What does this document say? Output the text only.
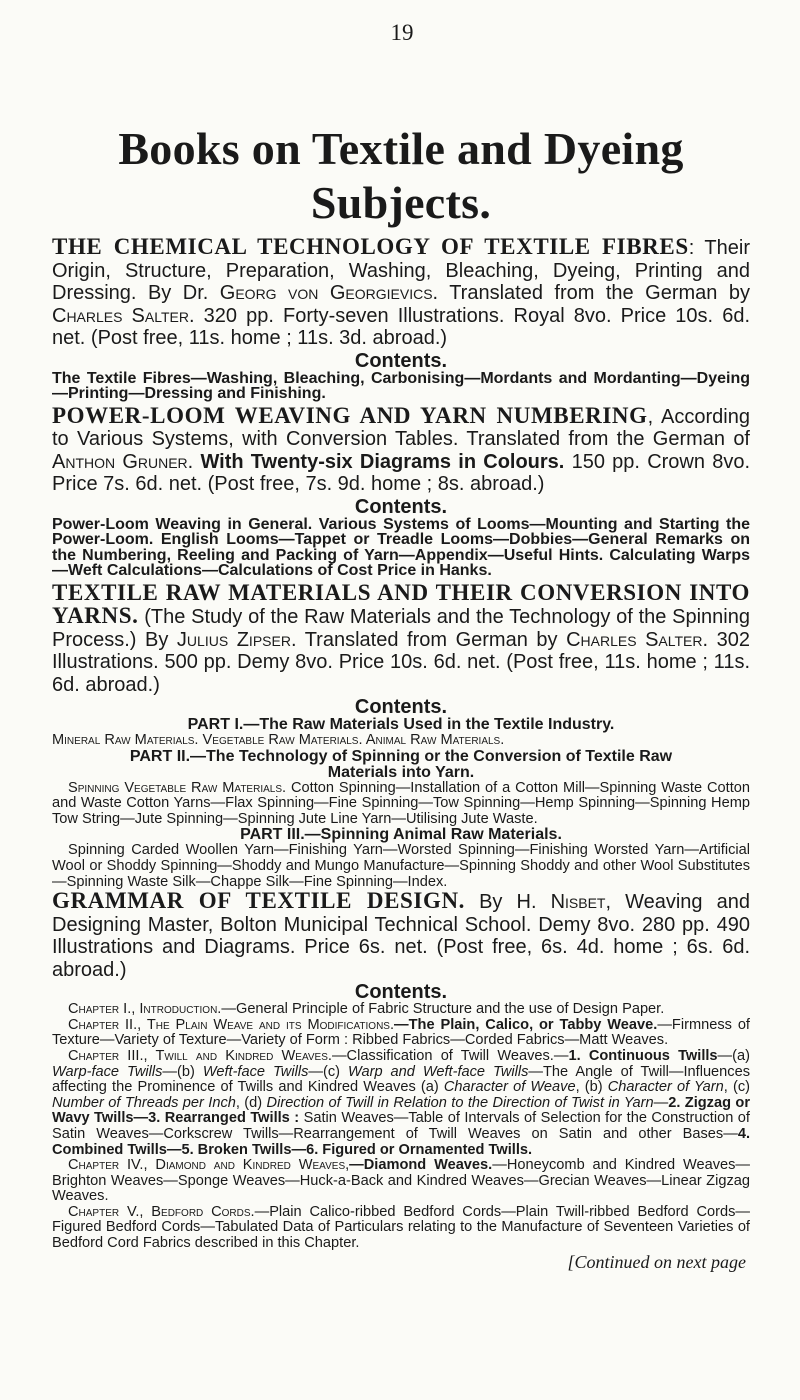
19
Books on Textile and Dyeing
Subjects.

THE CHEMICAL TECHNOLOGY OF TEXTILE FIBRES: Their Origin, Structure, Preparation, Washing, Bleaching, Dyeing, Printing and Dressing. By Dr. Georg von Georgievics. Translated from the German by Charles Salter. 320 pp. Forty-seven Illustrations. Royal 8vo. Price 10s. 6d. net. (Post free, 11s. home ; 11s. 3d. abroad.)

Contents.

The Textile Fibres—Washing, Bleaching, Carbonising—Mordants and Mordanting—Dyeing—Printing—Dressing and Finishing.

POWER-LOOM WEAVING AND YARN NUMBERING, According to Various Systems, with Conversion Tables. Translated from the German of Anthon Gruner. With Twenty-six Diagrams in Colours. 150 pp. Crown 8vo. Price 7s. 6d. net. (Post free, 7s. 9d. home ; 8s. abroad.)

Contents.

Power-Loom Weaving in General. Various Systems of Looms—Mounting and Starting the Power-Loom. English Looms—Tappet or Treadle Looms—Dobbies—General Remarks on the Numbering, Reeling and Packing of Yarn—Appendix—Useful Hints. Calculating Warps—Weft Calculations—Calculations of Cost Price in Hanks.

TEXTILE RAW MATERIALS AND THEIR CONVERSION INTO YARNS. (The Study of the Raw Materials and the Technology of the Spinning Process.) By Julius Zipser. Translated from German by Charles Salter. 302 Illustrations. 500 pp. Demy 8vo. Price 10s. 6d. net. (Post free, 11s. home ; 11s. 6d. abroad.)

Contents.
PART I.—The Raw Materials Used in the Textile Industry.

Mineral Raw Materials. Vegetable Raw Materials. Animal Raw Materials.

PART II.—The Technology of Spinning or the Conversion of Textile Raw Materials into Yarn.

Spinning Vegetable Raw Materials. Cotton Spinning—Installation of a Cotton Mill—Spinning Waste Cotton and Waste Cotton Yarns—Flax Spinning—Fine Spinning—Tow Spinning—Hemp Spinning—Spinning Hemp Tow String—Jute Spinning—Spinning Jute Line Yarn—Utilising Jute Waste.

PART III.—Spinning Animal Raw Materials.

Spinning Carded Woollen Yarn—Finishing Yarn—Worsted Spinning—Finishing Worsted Yarn—Artificial Wool or Shoddy Spinning—Shoddy and Mungo Manufacture—Spinning Shoddy and other Wool Substitutes—Spinning Waste Silk—Chappe Silk—Fine Spinning—Index.

GRAMMAR OF TEXTILE DESIGN. By H. Nisbet, Weaving and Designing Master, Bolton Municipal Technical School. Demy 8vo. 280 pp. 490 Illustrations and Diagrams. Price 6s. net. (Post free, 6s. 4d. home ; 6s. 6d. abroad.)

Contents.

Chapter I., Introduction.—General Principle of Fabric Structure and the use of Design Paper.

Chapter II., The Plain Weave and its Modifications.—The Plain, Calico, or Tabby Weave.—Firmness of Texture—Variety of Texture—Variety of Form : Ribbed Fabrics—Corded Fabrics—Matt Weaves.

Chapter III., Twill and Kindred Weaves.—Classification of Twill Weaves.—1. Continuous Twills—(a) Warp-face Twills—(b) Weft-face Twills—(c) Warp and Weft-face Twills—The Angle of Twill—Influences affecting the Prominence of Twills and Kindred Weaves (a) Character of Weave, (b) Character of Yarn, (c) Number of Threads per Inch, (d) Direction of Twill in Relation to the Direction of Twist in Yarn—2. Zigzag or Wavy Twills—3. Rearranged Twills : Satin Weaves—Table of Intervals of Selection for the Construction of Satin Weaves—Corkscrew Twills—Rearrangement of Twill Weaves on Satin and other Bases—4. Combined Twills—5. Broken Twills—6. Figured or Ornamented Twills.

Chapter IV., Diamond and Kindred Weaves,—Diamond Weaves.—Honeycomb and Kindred Weaves—Brighton Weaves—Sponge Weaves—Huck-a-Back and Kindred Weaves—Grecian Weaves—Linear Zigzag Weaves.

Chapter V., Bedford Cords.—Plain Calico-ribbed Bedford Cords—Plain Twill-ribbed Bedford Cords—Figured Bedford Cords—Tabulated Data of Particulars relating to the Manufacture of Seventeen Varieties of Bedford Cord Fabrics described in this Chapter.

[Continued on next page
